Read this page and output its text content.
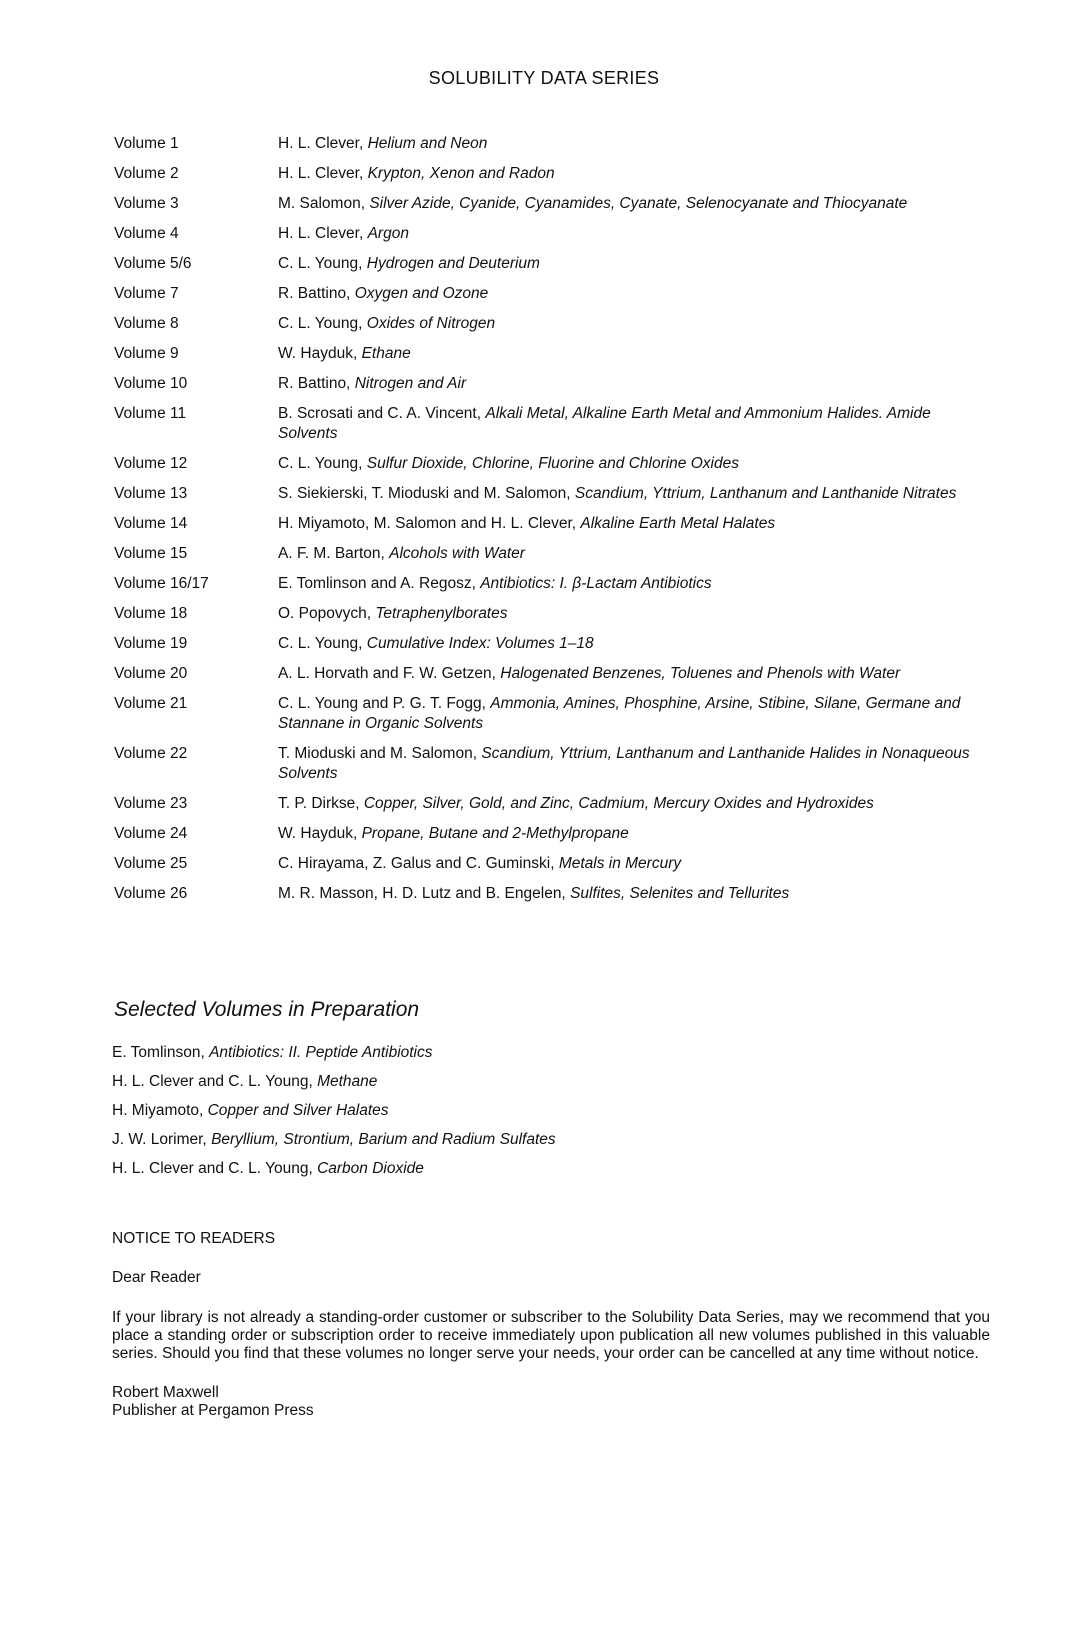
SOLUBILITY DATA SERIES
Volume 1	H. L. Clever, Helium and Neon
Volume 2	H. L. Clever, Krypton, Xenon and Radon
Volume 3	M. Salomon, Silver Azide, Cyanide, Cyanamides, Cyanate, Selenocyanate and Thiocyanate
Volume 4	H. L. Clever, Argon
Volume 5/6	C. L. Young, Hydrogen and Deuterium
Volume 7	R. Battino, Oxygen and Ozone
Volume 8	C. L. Young, Oxides of Nitrogen
Volume 9	W. Hayduk, Ethane
Volume 10	R. Battino, Nitrogen and Air
Volume 11	B. Scrosati and C. A. Vincent, Alkali Metal, Alkaline Earth Metal and Ammonium Halides. Amide Solvents
Volume 12	C. L. Young, Sulfur Dioxide, Chlorine, Fluorine and Chlorine Oxides
Volume 13	S. Siekierski, T. Mioduski and M. Salomon, Scandium, Yttrium, Lanthanum and Lanthanide Nitrates
Volume 14	H. Miyamoto, M. Salomon and H. L. Clever, Alkaline Earth Metal Halates
Volume 15	A. F. M. Barton, Alcohols with Water
Volume 16/17	E. Tomlinson and A. Regosz, Antibiotics: I. β-Lactam Antibiotics
Volume 18	O. Popovych, Tetraphenylborates
Volume 19	C. L. Young, Cumulative Index: Volumes 1–18
Volume 20	A. L. Horvath and F. W. Getzen, Halogenated Benzenes, Toluenes and Phenols with Water
Volume 21	C. L. Young and P. G. T. Fogg, Ammonia, Amines, Phosphine, Arsine, Stibine, Silane, Germane and Stannane in Organic Solvents
Volume 22	T. Mioduski and M. Salomon, Scandium, Yttrium, Lanthanum and Lanthanide Halides in Nonaqueous Solvents
Volume 23	T. P. Dirkse, Copper, Silver, Gold, and Zinc, Cadmium, Mercury Oxides and Hydroxides
Volume 24	W. Hayduk, Propane, Butane and 2-Methylpropane
Volume 25	C. Hirayama, Z. Galus and C. Guminski, Metals in Mercury
Volume 26	M. R. Masson, H. D. Lutz and B. Engelen, Sulfites, Selenites and Tellurites
Selected Volumes in Preparation
E. Tomlinson, Antibiotics: II. Peptide Antibiotics
H. L. Clever and C. L. Young, Methane
H. Miyamoto, Copper and Silver Halates
J. W. Lorimer, Beryllium, Strontium, Barium and Radium Sulfates
H. L. Clever and C. L. Young, Carbon Dioxide
NOTICE TO READERS
Dear Reader
If your library is not already a standing-order customer or subscriber to the Solubility Data Series, may we recommend that you place a standing order or subscription order to receive immediately upon publication all new volumes published in this valuable series. Should you find that these volumes no longer serve your needs, your order can be cancelled at any time without notice.
Robert Maxwell
Publisher at Pergamon Press
